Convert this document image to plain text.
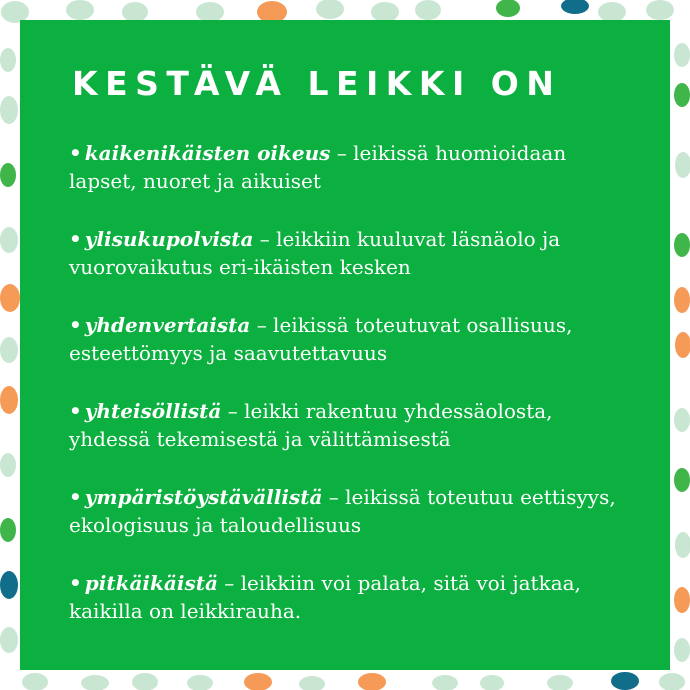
KESTÄVÄ LEIKKI ON
• kaikenikäisten oikeus – leikissä huomioidaan lapset, nuoret ja aikuiset
• ylisukupolvista – leikkiin kuuluvat läsnäolo ja vuorovaikutus eri-ikäisten kesken
• yhdenvertaista – leikissä toteutuvat osallisuus, esteettömyys ja saavutettavuus
• yhteisöllistä – leikki rakentuu yhdessäolosta, yhdessä tekemisestä ja välittämisestä
• ympäristöystävällistä – leikissä toteutuu eettisyys, ekologisuus ja taloudellisuus
• pitkäikäistä – leikkiin voi palata, sitä voi jatkaa, kaikilla on leikkirauha.
